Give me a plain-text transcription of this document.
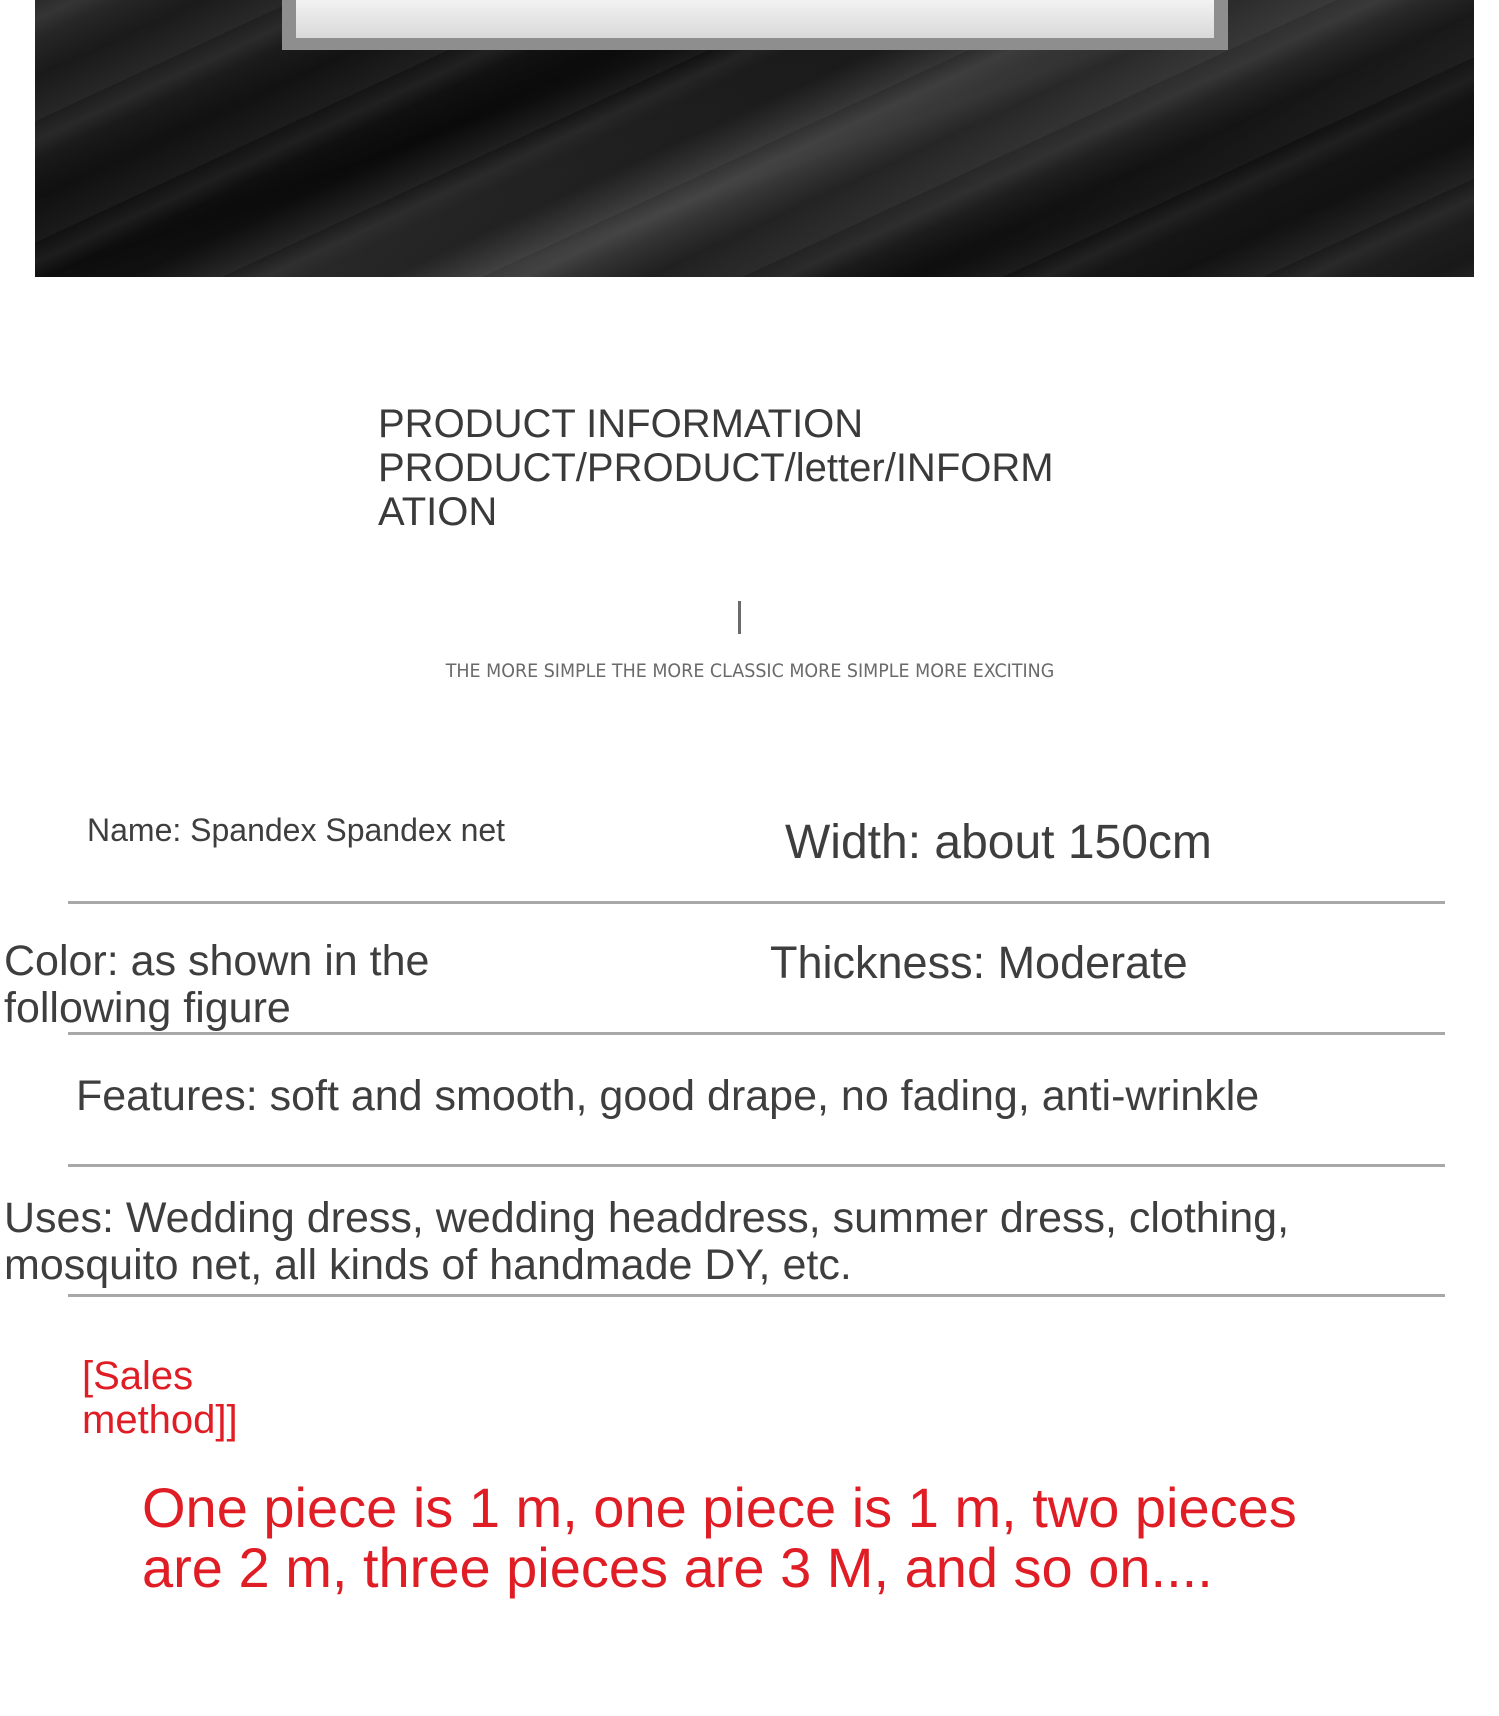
PRODUCT INFORMATION
PRODUCT/PRODUCT/letter/INFORM
ATION
THE MORE SIMPLE THE MORE CLASSIC MORE SIMPLE MORE EXCITING
Name: Spandex Spandex net	Width: about 150cm
Color: as shown in the following figure
Thickness: Moderate
Features: soft and smooth, good drape, no fading, anti-wrinkle
Uses: Wedding dress, wedding headdress, summer dress, clothing, mosquito net, all kinds of handmade DY, etc.
[Sales
method]]
One piece is 1 m, one piece is 1 m, two pieces are 2 m, three pieces are 3 M, and so on....
